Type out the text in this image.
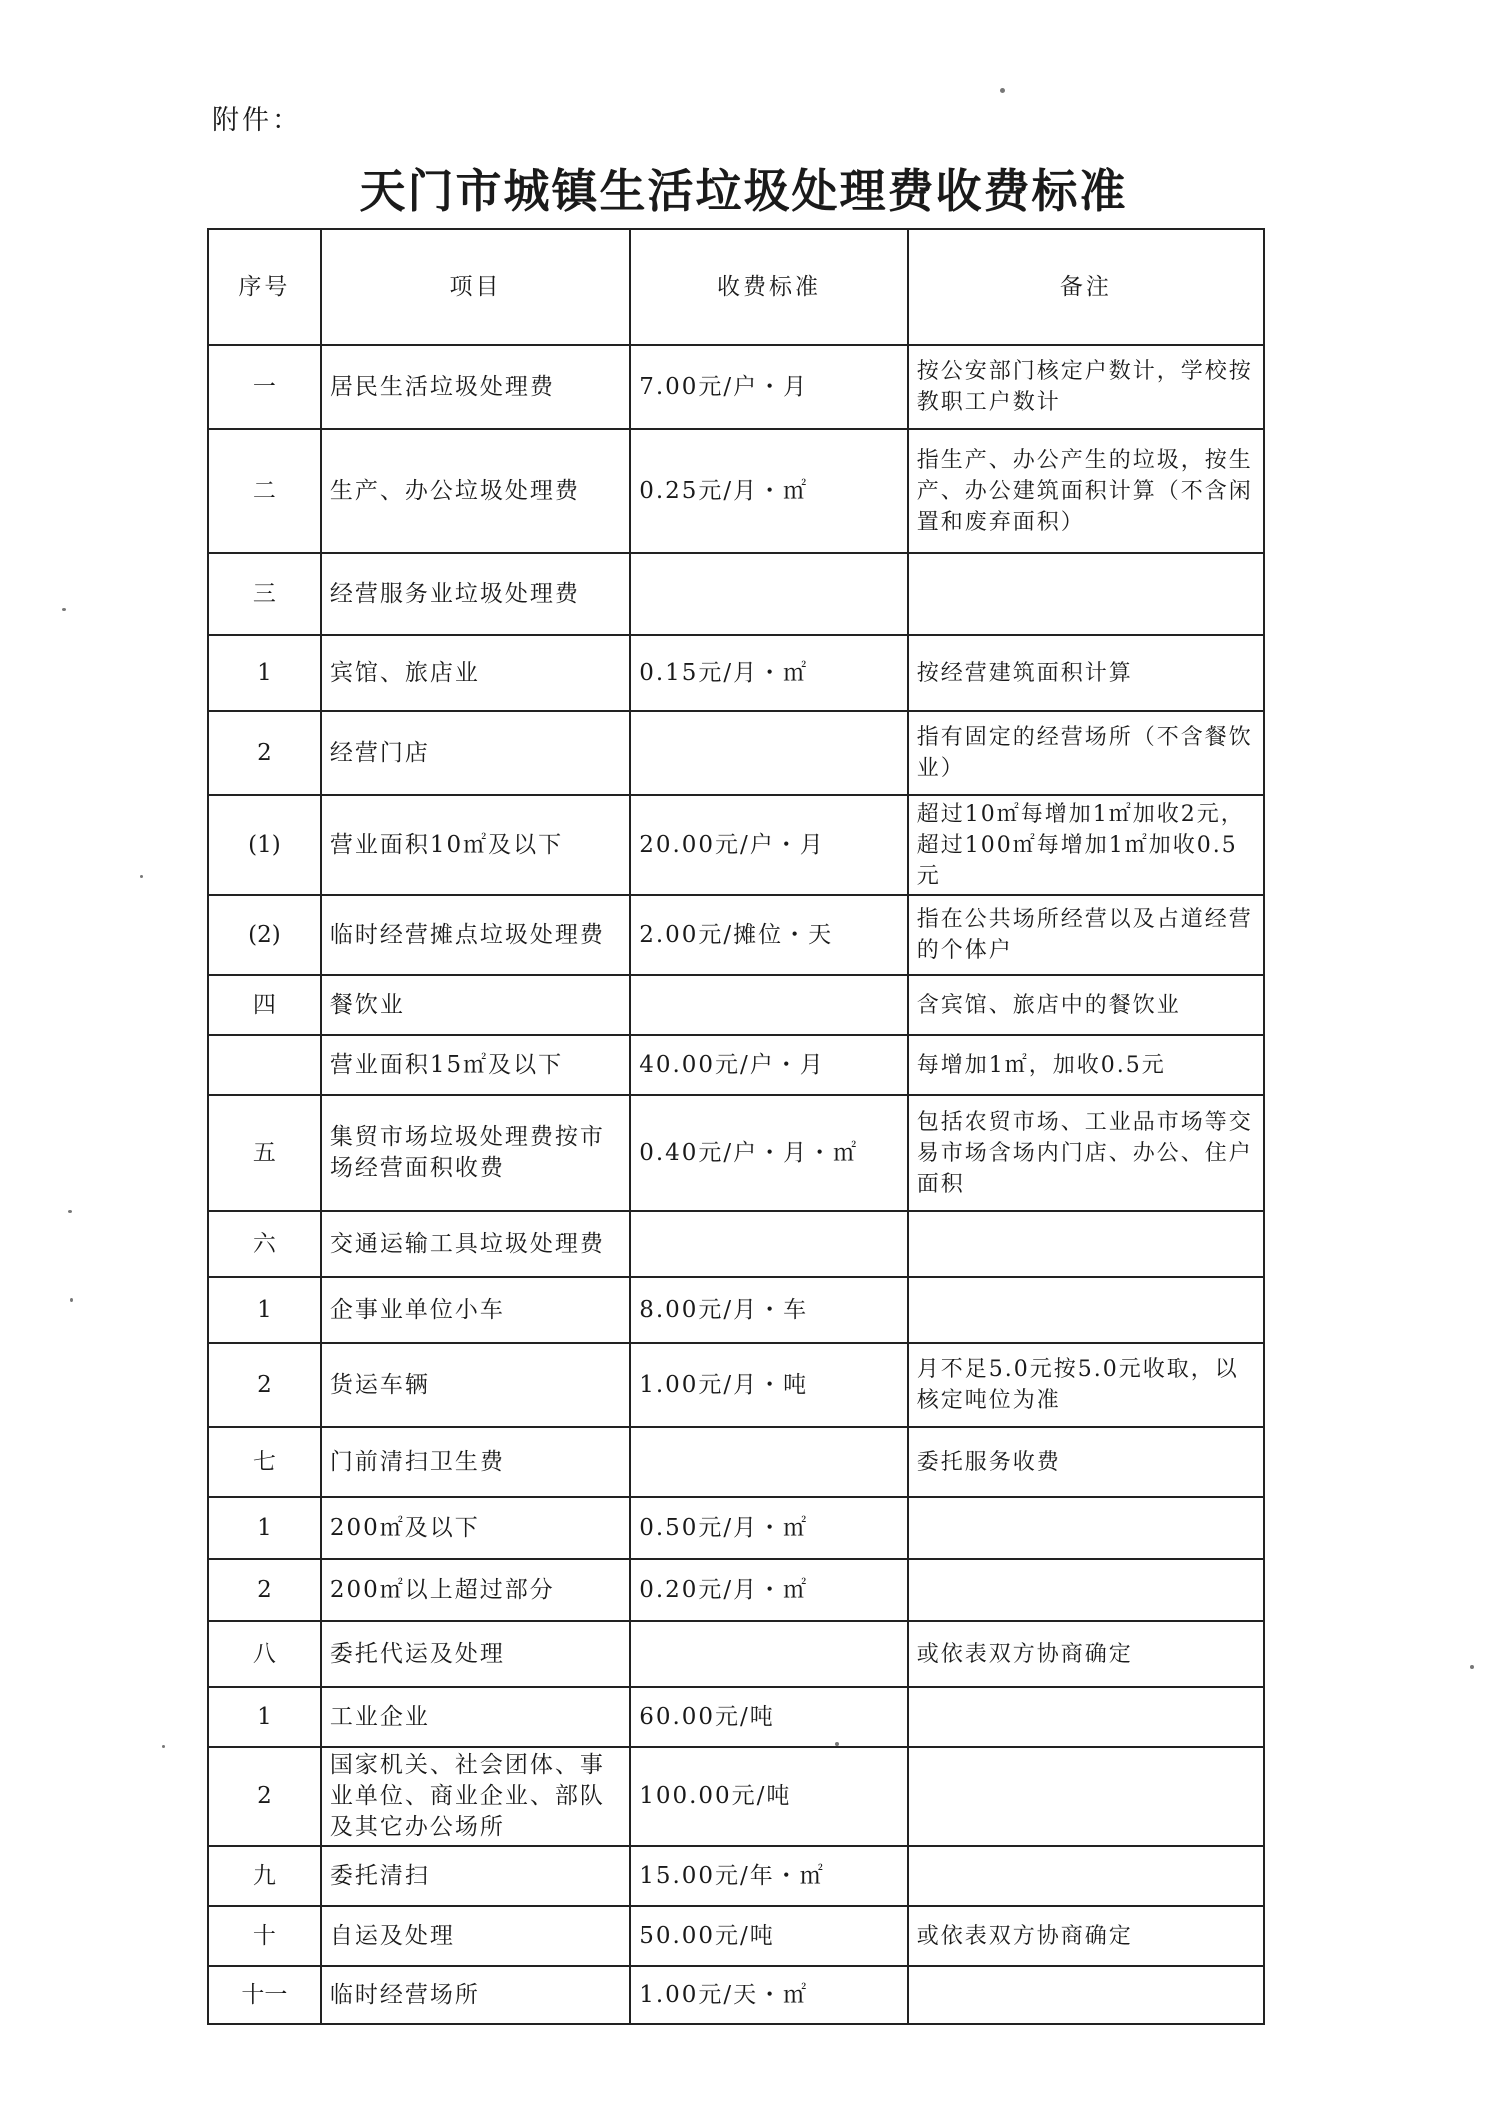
附件：
天门市城镇生活垃圾处理费收费标准
序号	项目	收费标准	备注
一	居民生活垃圾处理费	7.00元/户・月	按公安部门核定户数计，学校按教职工户数计
二	生产、办公垃圾处理费	0.25元/月・㎡	指生产、办公产生的垃圾，按生产、办公建筑面积计算（不含闲置和废弃面积）
三	经营服务业垃圾处理费		
1	宾馆、旅店业	0.15元/月・㎡	按经营建筑面积计算
2	经营门店		指有固定的经营场所（不含餐饮业）
(1)	营业面积10㎡及以下	20.00元/户・月	超过10㎡每增加1㎡加收2元，超过100㎡每增加1㎡加收0.5元
(2)	临时经营摊点垃圾处理费	2.00元/摊位・天	指在公共场所经营以及占道经营的个体户
四	餐饮业		含宾馆、旅店中的餐饮业
	营业面积15㎡及以下	40.00元/户・月	每增加1㎡，加收0.5元
五	集贸市场垃圾处理费按市场经营面积收费	0.40元/户・月・㎡	包括农贸市场、工业品市场等交易市场含场内门店、办公、住户面积
六	交通运输工具垃圾处理费		
1	企事业单位小车	8.00元/月・车	
2	货运车辆	1.00元/月・吨	月不足5.0元按5.0元收取，以核定吨位为准
七	门前清扫卫生费		委托服务收费
1	200㎡及以下	0.50元/月・㎡	
2	200㎡以上超过部分	0.20元/月・㎡	
八	委托代运及处理		或依表双方协商确定
1	工业企业	60.00元/吨	
2	国家机关、社会团体、事业单位、商业企业、部队及其它办公场所	100.00元/吨	
九	委托清扫	15.00元/年・㎡	
十	自运及处理	50.00元/吨	或依表双方协商确定
十一	临时经营场所	1.00元/天・㎡	
